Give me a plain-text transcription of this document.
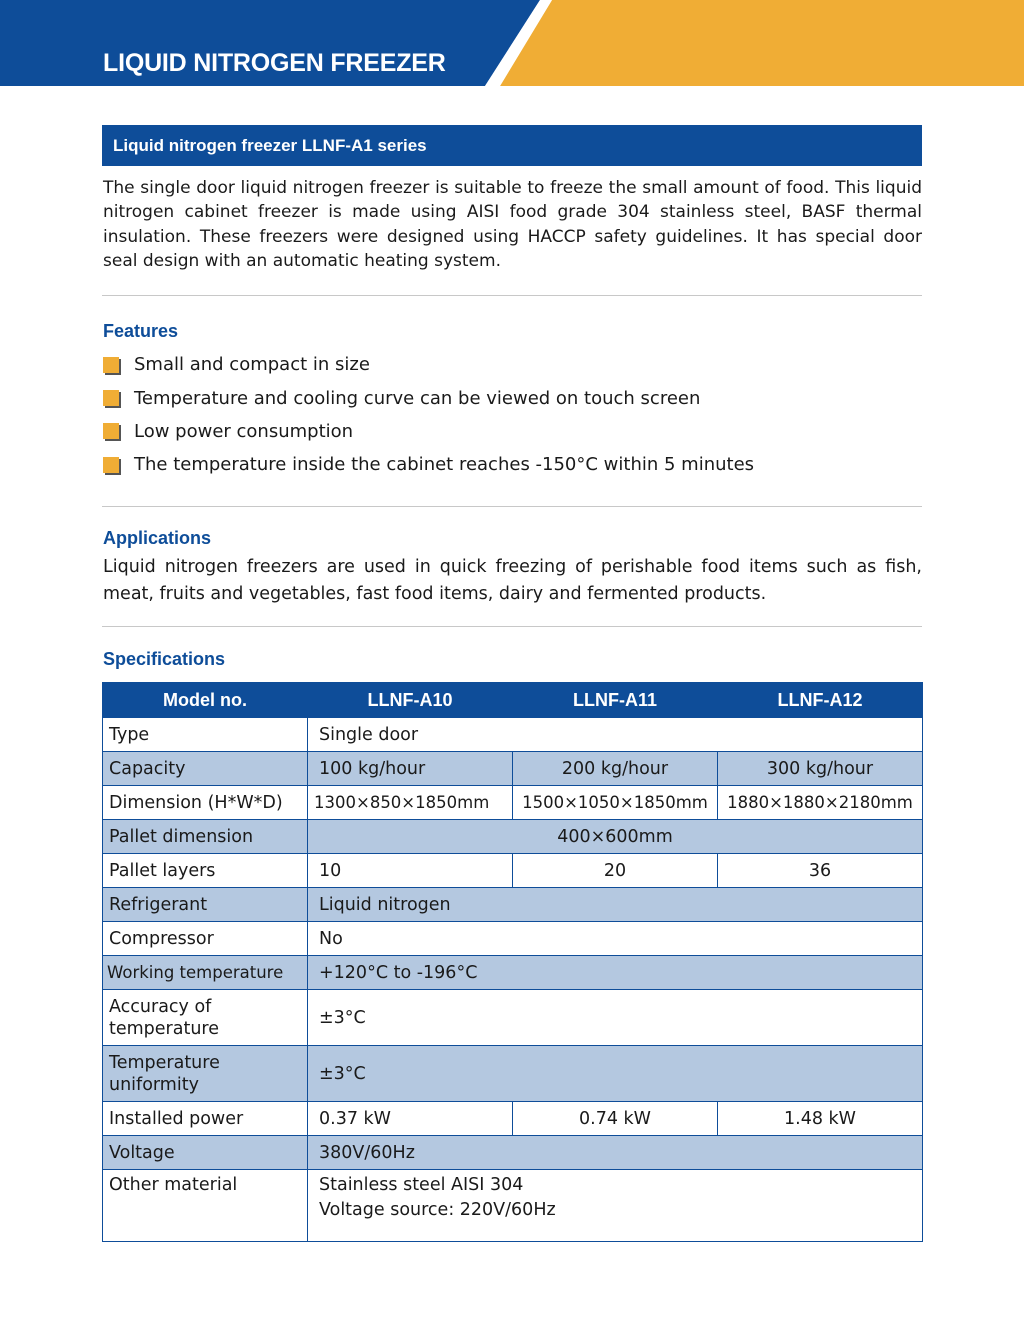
LIQUID NITROGEN FREEZER
Liquid nitrogen freezer LLNF-A1 series

The single door liquid nitrogen freezer is suitable to freeze the small amount of food. This liquid nitrogen cabinet freezer is made using AISI food grade 304 stainless steel, BASF thermal insulation. These freezers were designed using HACCP safety guidelines. It has special door seal design with an automatic heating system.

Features
Small and compact in size
Temperature and cooling curve can be viewed on touch screen
Low power consumption
The temperature inside the cabinet reaches -150°C within 5 minutes
Applications

Liquid nitrogen freezers are used in quick freezing of perishable food items such as fish, meat, fruits and vegetables, fast food items, dairy and fermented products.

Specifications
Model no.	LLNF-A10	LLNF-A11	LLNF-A12
Type	Single door		
Capacity	100 kg/hour	200 kg/hour	300 kg/hour
Dimension (H*W*D)	1300×850×1850mm	1500×1050×1850mm	1880×1880×2180mm
Pallet dimension	400×600mm		
Pallet layers	10	20	36
Refrigerant	Liquid nitrogen		
Compressor	No		
Working temperature	+120°C to -196°C		

Accuracy of
temperature	±3°C		

Temperature
uniformity	±3°C		
Installed power	0.37 kW	0.74 kW	1.48 kW
Voltage	380V/60Hz		
Other material	Stainless steel AISI 304
Voltage source: 220V/60Hz		
